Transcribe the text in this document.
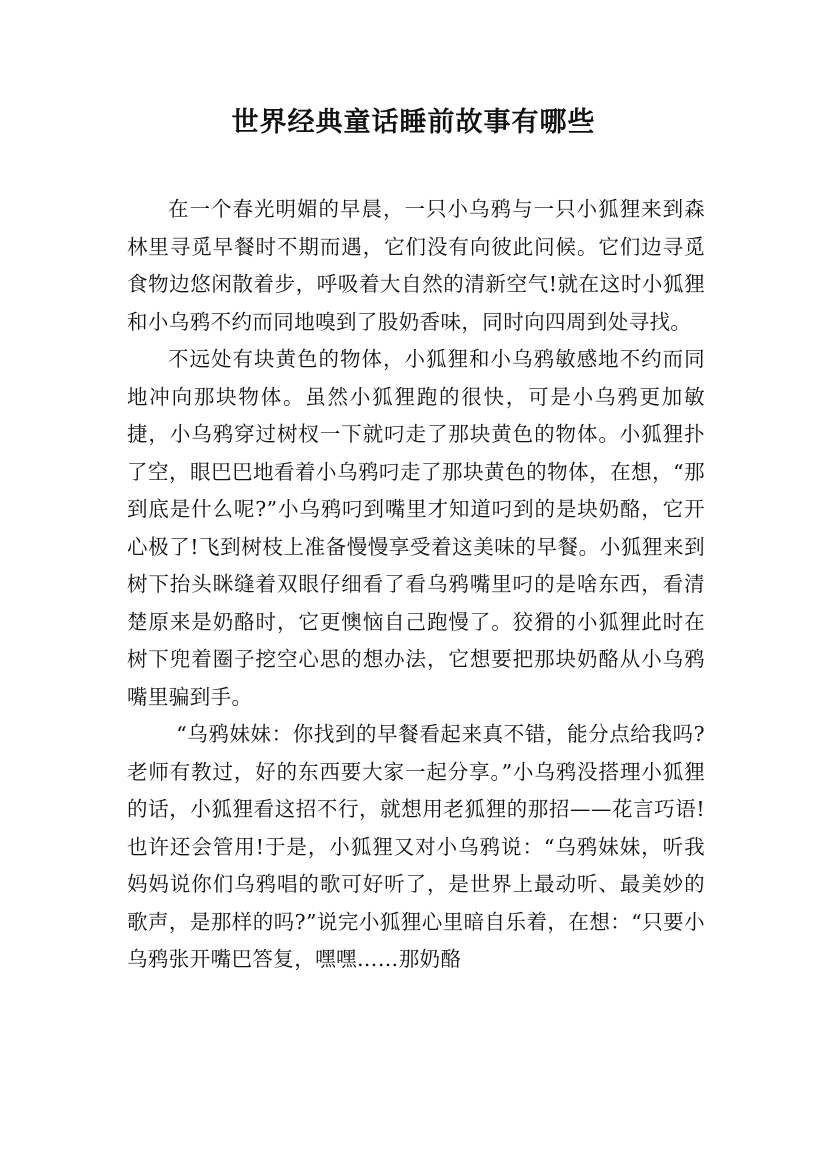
世界经典童话睡前故事有哪些

在一个春光明媚的早晨，一只小乌鸦与一只小狐狸来到森林里寻觅早餐时不期而遇，它们没有向彼此问候。它们边寻觅食物边悠闲散着步，呼吸着大自然的清新空气!就在这时小狐狸和小乌鸦不约而同地嗅到了股奶香味，同时向四周到处寻找。

不远处有块黄色的物体，小狐狸和小乌鸦敏感地不约而同地冲向那块物体。虽然小狐狸跑的很快，可是小乌鸦更加敏捷，小乌鸦穿过树杈一下就叼走了那块黄色的物体。小狐狸扑了空，眼巴巴地看着小乌鸦叼走了那块黄色的物体，在想，“那到底是什么呢?”小乌鸦叼到嘴里才知道叼到的是块奶酪，它开心极了!飞到树枝上准备慢慢享受着这美味的早餐。小狐狸来到树下抬头眯缝着双眼仔细看了看乌鸦嘴里叼的是啥东西，看清楚原来是奶酪时，它更懊恼自己跑慢了。狡猾的小狐狸此时在树下兜着圈子挖空心思的想办法，它想要把那块奶酪从小乌鸦嘴里骗到手。

“乌鸦妹妹：你找到的早餐看起来真不错，能分点给我吗?老师有教过，好的东西要大家一起分享。”小乌鸦没搭理小狐狸的话，小狐狸看这招不行，就想用老狐狸的那招——花言巧语!也许还会管用!于是，小狐狸又对小乌鸦说：“乌鸦妹妹，听我妈妈说你们乌鸦唱的歌可好听了，是世界上最动听、最美妙的歌声，是那样的吗?”说完小狐狸心里暗自乐着，在想：“只要小乌鸦张开嘴巴答复，嘿嘿……那奶酪
